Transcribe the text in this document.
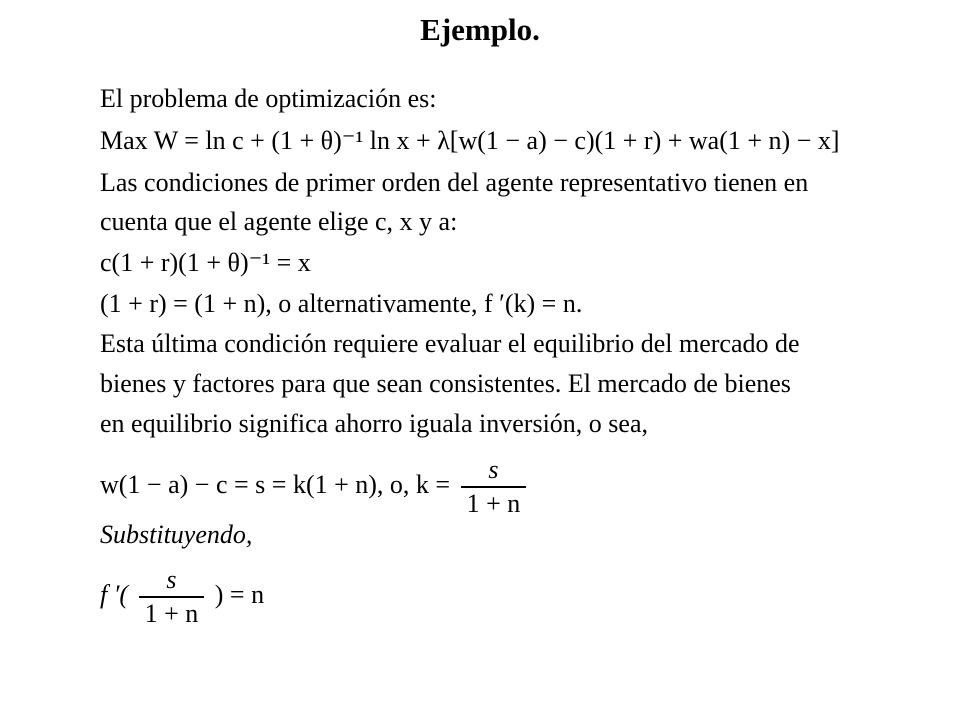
Ejemplo.
El problema de optimización es:
Max W = ln c + (1 + θ)⁻¹ ln x + λ[w(1 − a) − c)(1 + r) + wa(1 + n) − x]
Las condiciones de primer orden del agente representativo tienen en
cuenta que el agente elige c, x y a:
c(1 + r)(1 + θ)⁻¹ = x
(1 + r) = (1 + n), o alternativamente, f ′(k) = n.
Esta última condición requiere evaluar el equilibrio del mercado de
bienes y factores para que sean consistentes. El mercado de bienes
en equilibrio significa ahorro iguala inversión, o sea,
w(1 − a) − c = s = k(1 + n), o, $k = \frac{s}{1 + n}$
Substituyendo,
f ′( $\frac{s}{1 + n}$ ) = n
